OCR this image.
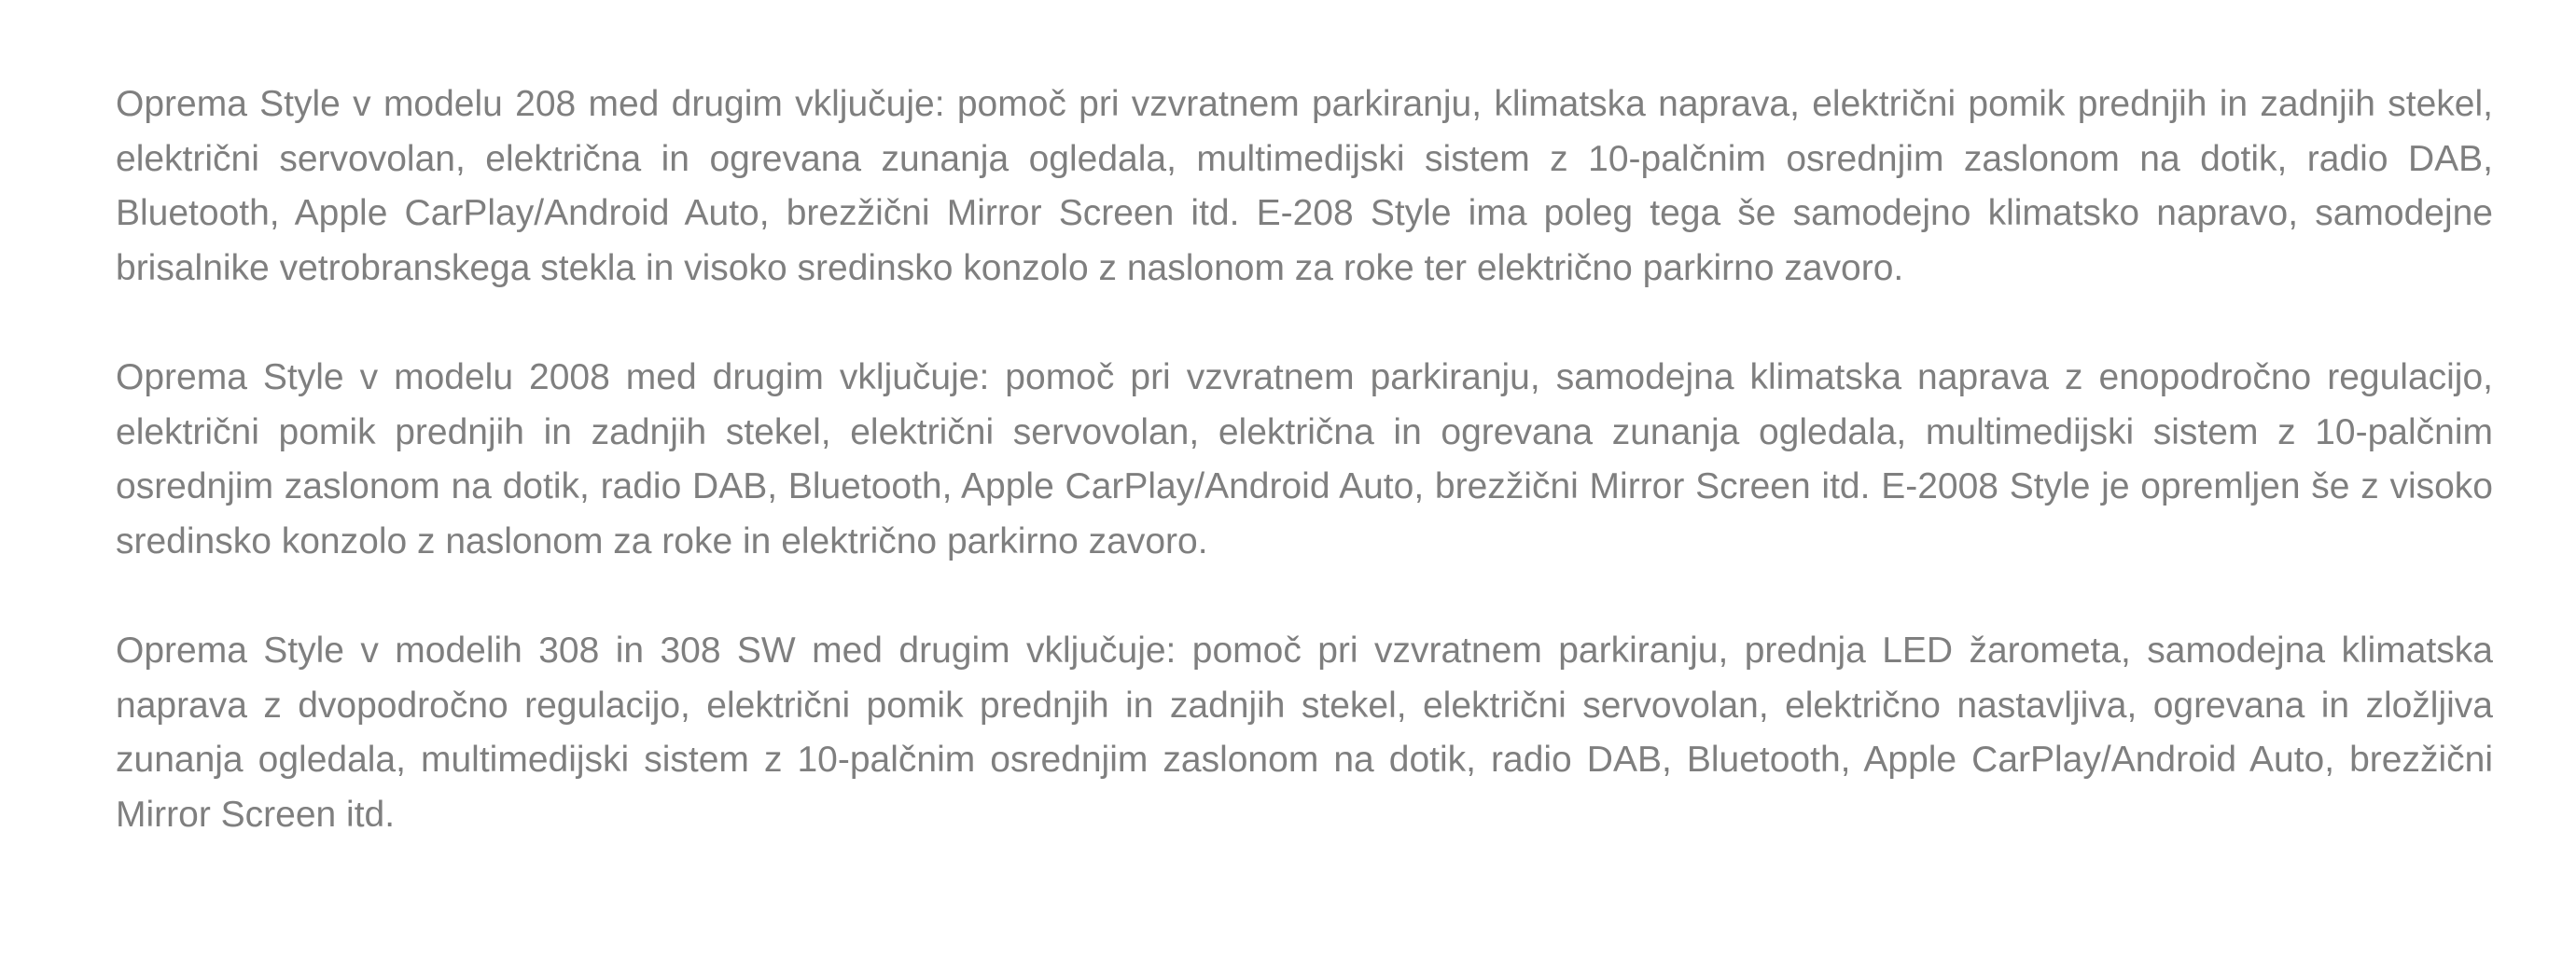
Oprema Style v modelu 208 med drugim vključuje: pomoč pri vzvratnem parkiranju, klimatska naprava, električni pomik prednjih in zadnjih stekel, električni servovolan, električna in ogrevana zunanja ogledala, multimedijski sistem z 10-palčnim osrednjim zaslonom na dotik, radio DAB, Bluetooth, Apple CarPlay/Android Auto, brezžični Mirror Screen itd. E-208 Style ima poleg tega še samodejno klimatsko napravo, samodejne brisalnike vetrobranskega stekla in visoko sredinsko konzolo z naslonom za roke ter električno parkirno zavoro.

Oprema Style v modelu 2008 med drugim vključuje: pomoč pri vzvratnem parkiranju, samodejna klimatska naprava z enopodročno regulacijo, električni pomik prednjih in zadnjih stekel, električni servovolan, električna in ogrevana zunanja ogledala, multimedijski sistem z 10-palčnim osrednjim zaslonom na dotik, radio DAB, Bluetooth, Apple CarPlay/Android Auto, brezžični Mirror Screen itd. E-2008 Style je opremljen še z visoko sredinsko konzolo z naslonom za roke in električno parkirno zavoro.

Oprema Style v modelih 308 in 308 SW med drugim vključuje: pomoč pri vzvratnem parkiranju, prednja LED žarometa, samodejna klimatska naprava z dvopodročno regulacijo, električni pomik prednjih in zadnjih stekel, električni servovolan, električno nastavljiva, ogrevana in zložljiva zunanja ogledala, multimedijski sistem z 10-palčnim osrednjim zaslonom na dotik, radio DAB, Bluetooth, Apple CarPlay/Android Auto, brezžični Mirror Screen itd.
